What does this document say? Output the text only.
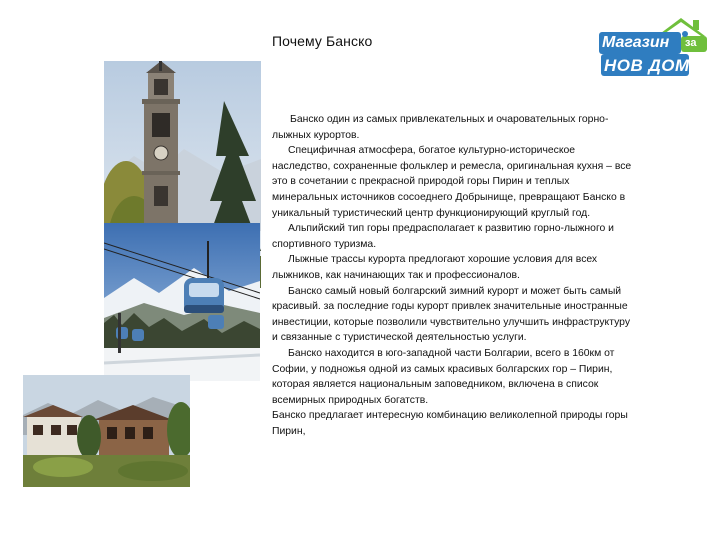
Почему Банско	Магазин за
НОВ ДОМ

Банско один из самых привлекательных и очаровательных горно-лыжных курортов.

Специфичная атмосфера, богатое культурно-историческое наследство, сохраненные фольклер и ремесла, оригинальная кухня – все это в сочетании с прекрасной природой горы Пирин и теплых минеральных источников сосоеднего Добрынище, превращают Банско в уникальный туристический центр функционирующий круглый год.

Альпийский тип горы предрасполагает к развитию горно-лыжного и спортивного туризма.

Лыжные трассы курорта предлогают хорошие условия для всех лыжников, как начинающих так и профессионалов.

Банско самый новый болгарский зимний курорт и может быть самый красивый. за последние годы курорт привлек значительные иностранные инвестиции, которые позволили чувствительно улучшить инфраструктуру и связанные с туристической деятельностью услуги.

Банско находится в юго-западной части Болгарии, всего в 160км от Софии, у подножья одной из самых красивых болгарских гор – Пирин, которая является национальным заповедником, включена в список всемирных природных богатств.

Банско предлагает интересную комбинацию великолепной природы горы Пирин,
